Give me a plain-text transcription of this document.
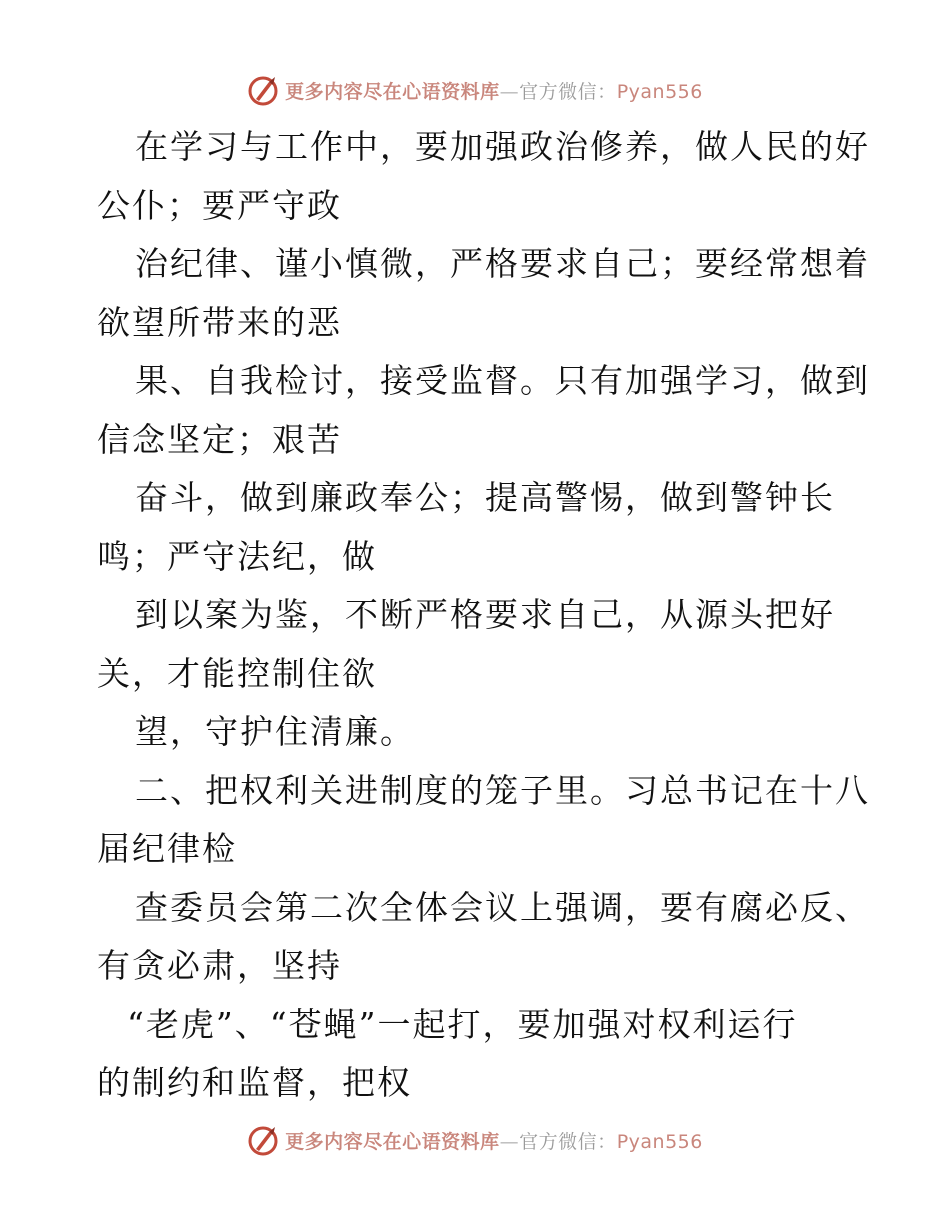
更多内容尽在心语资料库—官方微信：Pyan556
在学习与工作中，要加强政治修养，做人民的好
公仆；要严守政
治纪律、谨小慎微，严格要求自己；要经常想着
欲望所带来的恶
果、自我检讨，接受监督。只有加强学习，做到
信念坚定；艰苦
奋斗，做到廉政奉公；提高警惕，做到警钟长
鸣；严守法纪，做
到以案为鉴，不断严格要求自己，从源头把好
关，才能控制住欲
望，守护住清廉。
二、把权利关进制度的笼子里。习总书记在十八
届纪律检
查委员会第二次全体会议上强调，要有腐必反、
有贪必肃，坚持
“老虎”、“苍蝇”一起打，要加强对权利运行
的制约和监督，把权
更多内容尽在心语资料库—官方微信：Pyan556
